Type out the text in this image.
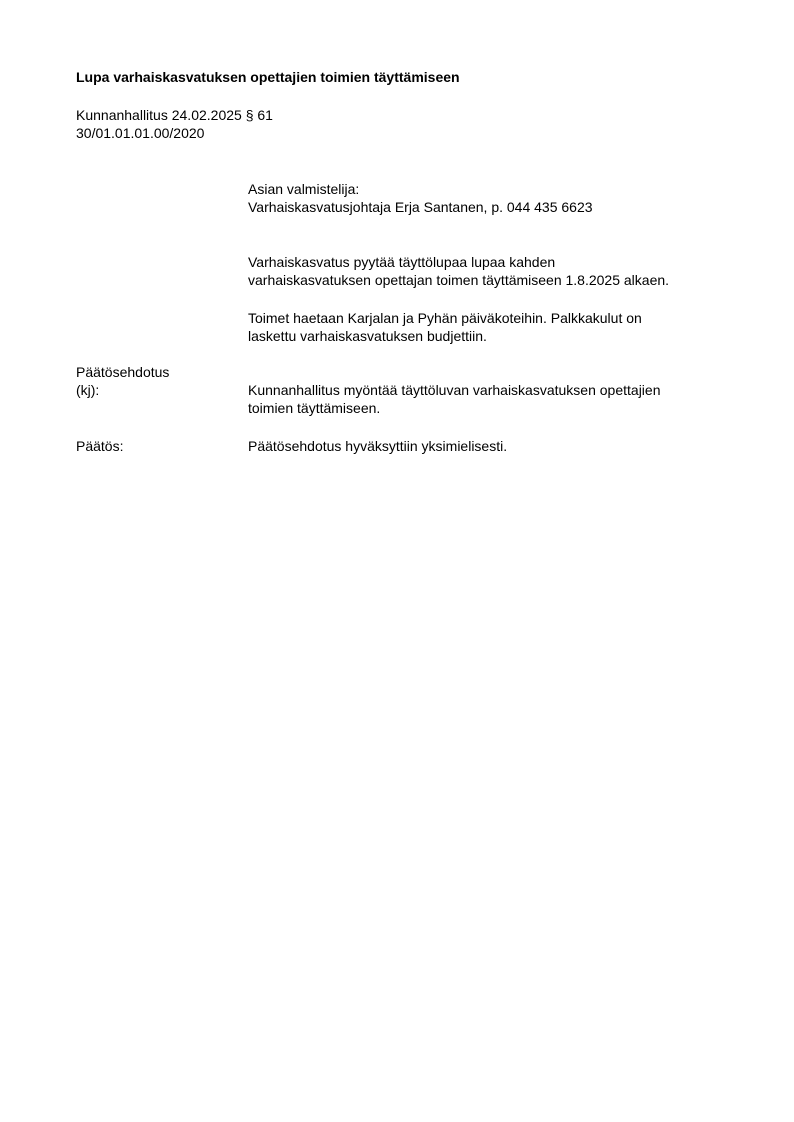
Lupa varhaiskasvatuksen opettajien toimien täyttämiseen
Kunnanhallitus 24.02.2025 § 61
30/01.01.01.00/2020
Asian valmistelija:
Varhaiskasvatusjohtaja Erja Santanen, p. 044 435 6623
Varhaiskasvatus pyytää täyttölupaa lupaa kahden
varhaiskasvatuksen opettajan toimen täyttämiseen 1.8.2025 alkaen.
Toimet haetaan Karjalan ja Pyhän päiväkoteihin. Palkkakulut on
laskettu varhaiskasvatuksen budjettiin.
Päätösehdotus
(kj):	Kunnanhallitus myöntää täyttöluvan varhaiskasvatuksen opettajien
toimien täyttämiseen.
Päätös:	Päätösehdotus hyväksyttiin yksimielisesti.
